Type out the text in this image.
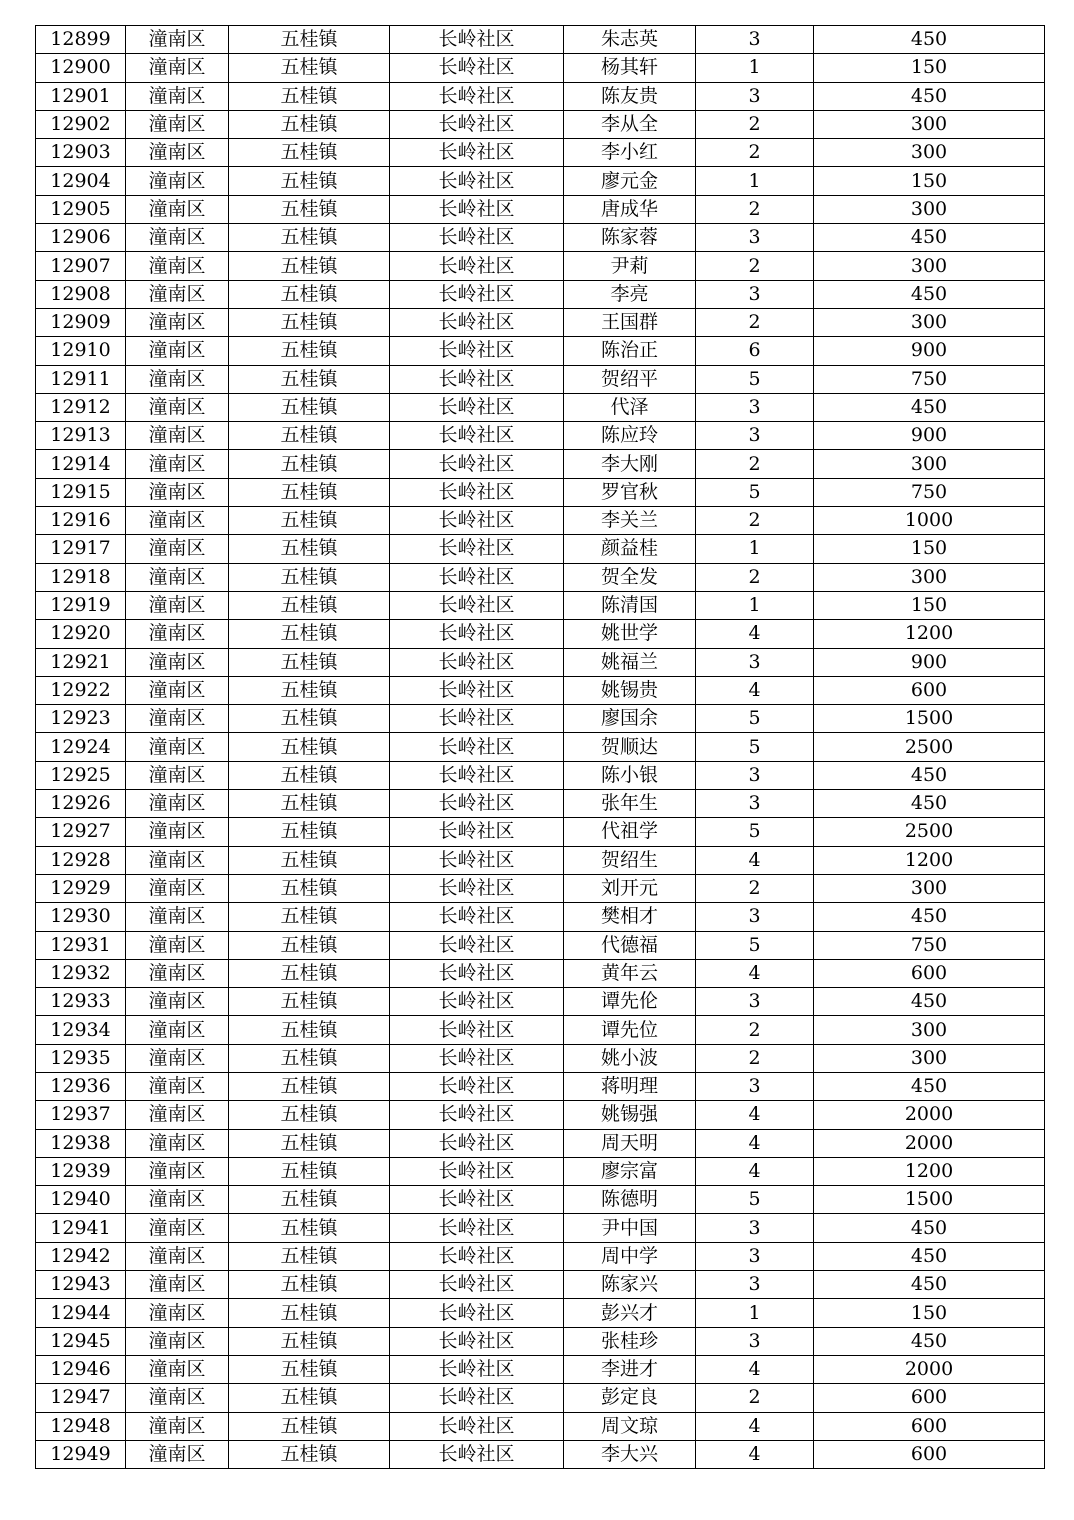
12899	潼南区	五桂镇	长岭社区	朱志英	3	450
12900	潼南区	五桂镇	长岭社区	杨其轩	1	150
12901	潼南区	五桂镇	长岭社区	陈友贵	3	450
12902	潼南区	五桂镇	长岭社区	李从全	2	300
12903	潼南区	五桂镇	长岭社区	李小红	2	300
12904	潼南区	五桂镇	长岭社区	廖元金	1	150
12905	潼南区	五桂镇	长岭社区	唐成华	2	300
12906	潼南区	五桂镇	长岭社区	陈家蓉	3	450
12907	潼南区	五桂镇	长岭社区	尹莉	2	300
12908	潼南区	五桂镇	长岭社区	李亮	3	450
12909	潼南区	五桂镇	长岭社区	王国群	2	300
12910	潼南区	五桂镇	长岭社区	陈治正	6	900
12911	潼南区	五桂镇	长岭社区	贺绍平	5	750
12912	潼南区	五桂镇	长岭社区	代泽	3	450
12913	潼南区	五桂镇	长岭社区	陈应玲	3	900
12914	潼南区	五桂镇	长岭社区	李大刚	2	300
12915	潼南区	五桂镇	长岭社区	罗官秋	5	750
12916	潼南区	五桂镇	长岭社区	李关兰	2	1000
12917	潼南区	五桂镇	长岭社区	颜益桂	1	150
12918	潼南区	五桂镇	长岭社区	贺全发	2	300
12919	潼南区	五桂镇	长岭社区	陈清国	1	150
12920	潼南区	五桂镇	长岭社区	姚世学	4	1200
12921	潼南区	五桂镇	长岭社区	姚福兰	3	900
12922	潼南区	五桂镇	长岭社区	姚锡贵	4	600
12923	潼南区	五桂镇	长岭社区	廖国余	5	1500
12924	潼南区	五桂镇	长岭社区	贺顺达	5	2500
12925	潼南区	五桂镇	长岭社区	陈小银	3	450
12926	潼南区	五桂镇	长岭社区	张年生	3	450
12927	潼南区	五桂镇	长岭社区	代祖学	5	2500
12928	潼南区	五桂镇	长岭社区	贺绍生	4	1200
12929	潼南区	五桂镇	长岭社区	刘开元	2	300
12930	潼南区	五桂镇	长岭社区	樊相才	3	450
12931	潼南区	五桂镇	长岭社区	代德福	5	750
12932	潼南区	五桂镇	长岭社区	黄年云	4	600
12933	潼南区	五桂镇	长岭社区	谭先伦	3	450
12934	潼南区	五桂镇	长岭社区	谭先位	2	300
12935	潼南区	五桂镇	长岭社区	姚小波	2	300
12936	潼南区	五桂镇	长岭社区	蒋明理	3	450
12937	潼南区	五桂镇	长岭社区	姚锡强	4	2000
12938	潼南区	五桂镇	长岭社区	周天明	4	2000
12939	潼南区	五桂镇	长岭社区	廖宗富	4	1200
12940	潼南区	五桂镇	长岭社区	陈德明	5	1500
12941	潼南区	五桂镇	长岭社区	尹中国	3	450
12942	潼南区	五桂镇	长岭社区	周中学	3	450
12943	潼南区	五桂镇	长岭社区	陈家兴	3	450
12944	潼南区	五桂镇	长岭社区	彭兴才	1	150
12945	潼南区	五桂镇	长岭社区	张桂珍	3	450
12946	潼南区	五桂镇	长岭社区	李进才	4	2000
12947	潼南区	五桂镇	长岭社区	彭定良	2	600
12948	潼南区	五桂镇	长岭社区	周文琼	4	600
12949	潼南区	五桂镇	长岭社区	李大兴	4	600
